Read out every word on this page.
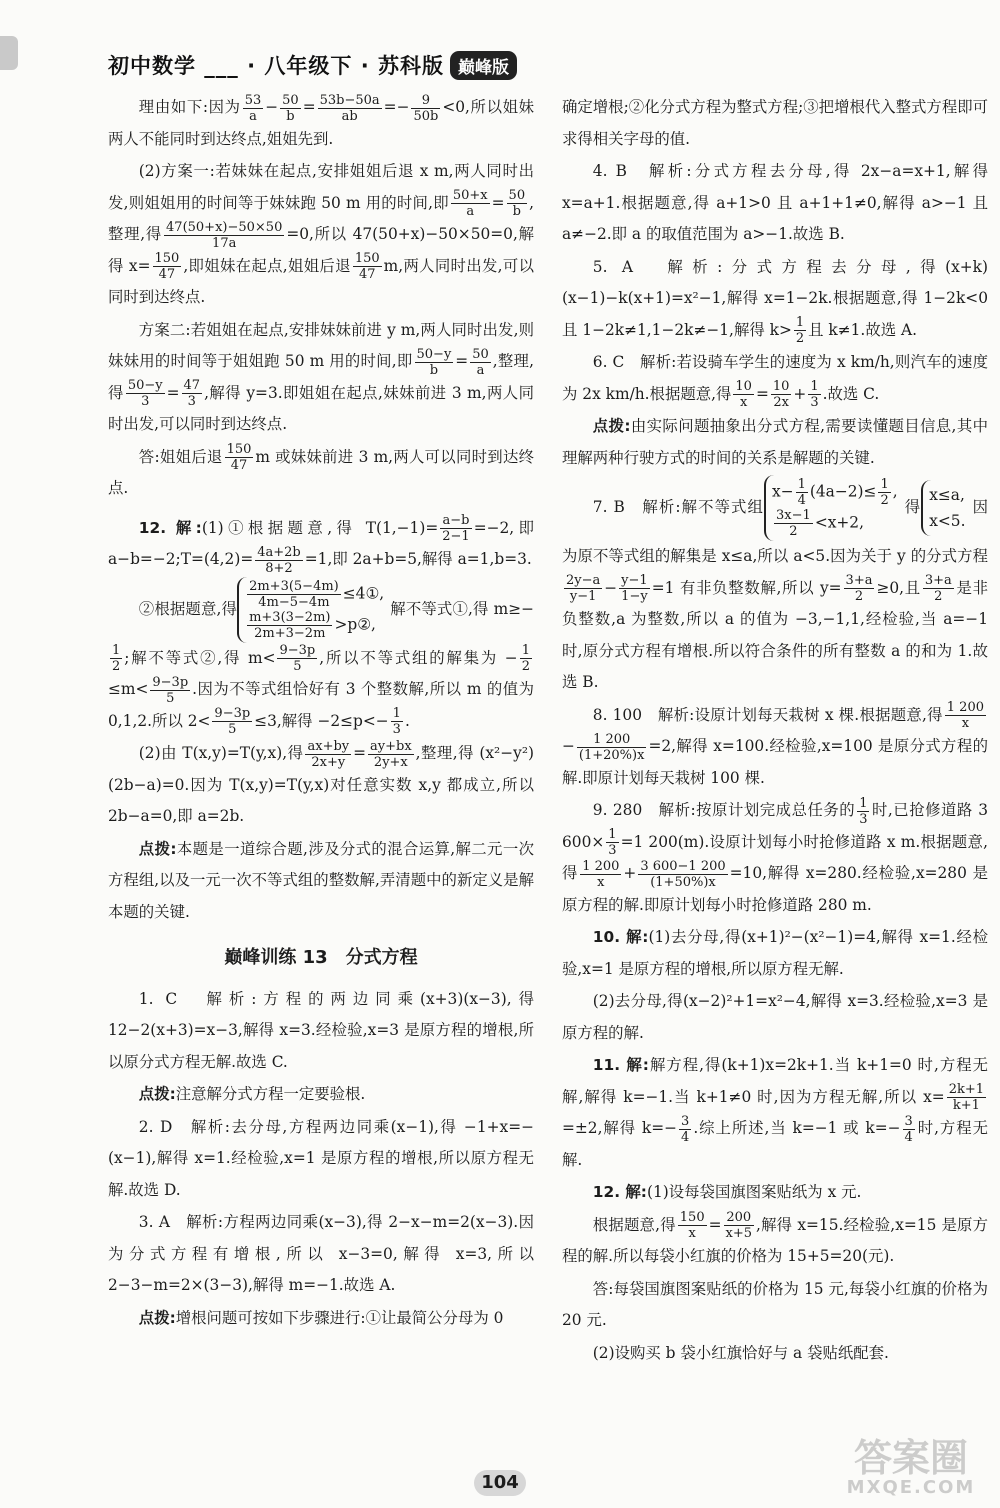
初中数学 ___ · 八年级下 · 苏科版 巅峰版

理由如下:因为 $\frac{53}{a} - \frac{50}{b} = \frac{53b-50a}{ab} =- \frac{9}{50b} <0$,所以姐妹两人不能同时到达终点,姐姐先到.

(2)方案一:若妹妹在起点,安排姐姐后退 x m,两人同时出发,则姐姐用的时间等于妹妹跑 50 m 用的时间,即 $\frac{50+x}{a} = \frac{50}{b}$ ,整理,得 $\frac{47(50+x)-50\times 50}{17a} =0$,所以 47(50+x)−50×50=0,解得 $x= \frac{150}{47}$ ,即姐妹在起点,姐姐后退 $\frac{150}{47} m$,两人同时出发,可以同时到达终点.

方案二:若姐姐在起点,安排妹妹前进 y m,两人同时出发,则妹妹用的时间等于姐姐跑 50 m 用的时间,即 $\frac{50-y}{b} = \frac{50}{a}$ ,整理,得 $\frac{50-y}{3} = \frac{47}{3}$ ,解得 y=3.即姐姐在起点,妹妹前进 3 m,两人同时出发,可以同时到达终点.

答:姐姐后退 $\frac{150}{47}$ m 或妹妹前进 3 m,两人可以同时到达终点.

12. 解:(1)①根据题意,得 $T(1,-1)= \frac{a-b}{2-1} =-2$,即 a−b=−2;T=(4,2)= $\frac{4a+2b}{8+2} =1$,即 2a+b=5,解得 a=1,b=3.

②根据题意,得 $\frac{2m+3(5-4m)}{4m-5-4m}$ ≤4①,
$\frac{m+3(3-2m)}{2m+3-2m}$ >p②,
解不等式①,得 m≥−
$\frac{1}{2}$ ;解不等式②,得 $m< \frac{9-3p}{5}$ ,所以不等式组的解集为 − $\frac{1}{2}$
$\le m< \frac{9-3p}{5}$ .因为不等式组恰好有 3 个整数解,所以 m 的值为 0,1,2.所以 $2< \frac{9-3p}{5} \le 3$,解得 $-2\le p<- \frac{1}{3}$ .

(2)由 T(x,y)=T(y,x),得 $\frac{ax+by}{2x+y} = \frac{ay+bx}{2y+x}$ ,整理,得 (x²−y²)(2b−a)=0.因为 T(x,y)=T(y,x)对任意实数 x,y 都成立,所以 2b−a=0,即 a=2b.

点拨:本题是一道综合题,涉及分式的混合运算,解二元一次方程组,以及一元一次不等式组的整数解,弄清题中的新定义是解本题的关键.

巅峰训练 13　分式方程

1. C　解析:方程的两边同乘(x+3)(x−3),得 12−2(x+3)=x−3,解得 x=3.经检验,x=3 是原方程的增根,所以原分式方程无解.故选 C.

点拨:注意解分式方程一定要验根.

2. D　解析:去分母,方程两边同乘(x−1),得 −1+x=−(x−1),解得 x=1.经检验,x=1 是原方程的增根,所以原方程无解.故选 D.

3. A　解析:方程两边同乘(x−3),得 2−x−m=2(x−3).因为分式方程有增根,所以 x−3=0,解得 x=3,所以 2−3−m=2×(3−3),解得 m=−1.故选 A.

点拨:增根问题可按如下步骤进行:①让最简公分母为 0

确定增根;②化分式方程为整式方程;③把增根代入整式方程即可求得相关字母的值.

4. B　解析:分式方程去分母,得 2x−a=x+1,解得 x=a+1.根据题意,得 a+1>0 且 a+1+1≠0,解得 a>−1 且 a≠−2.即 a 的取值范围为 a>−1.故选 B.

5. A　解析:分式方程去分母,得(x+k)(x−1)−k(x+1)=x²−1,解得 x=1−2k.根据题意,得 1−2k<0 且 1−2k≠1,1−2k≠−1,解得 $k> \frac{1}{2}$ 且 k≠1.故选 A.

6. C　解析:若设骑车学生的速度为 x km/h,则汽车的速度为 2x km/h.根据题意,得 $\frac{10}{x} = \frac{10}{2x} + \frac{1}{3}$ .故选 C.

点拨:由实际问题抽象出分式方程,需要读懂题目信息,其中理解两种行驶方式的时间的关系是解题的关键.

7. B　解析:解不等式组
$x- \frac{1}{4} (4a-2)\le \frac{1}{2}$ ,
$\frac{3x-1}{2} <x+2$,
得
x≤a,
x<5.
因为原不等式组的解集是 x≤a,所以 a<5.因为关于 y 的分式方程
$\frac{2y-a}{y-1} - \frac{y-1}{1-y} =1$ 有非负整数解,所以 $y= \frac{3+a}{2} \ge 0$,且 $\frac{3+a}{2}$ 是非负整数,a 为整数,所以 a 的值为 −3,−1,1,经检验,当 a=−1 时,原分式方程有增根.所以符合条件的所有整数 a 的和为 1.故选 B.

8. 100　解析:设原计划每天栽树 x 棵.根据题意,得 $\frac{1 200}{x}$
− $\frac{1 200}{(1+20\%)x} =2$,解得 x=100.经检验,x=100 是原分式方程的解.即原计划每天栽树 100 棵.

9. 280　解析:按原计划完成总任务的 $\frac{1}{3}$ 时,已抢修道路 3 $600\times \frac{1}{3} =1$ 200(m).设原计划每小时抢修道路 x m.根据题意,得 $\frac{1 200}{x} + \frac{3 600-1 200}{(1+50\%)x} =10$,解得 x=280.经检验,x=280 是原方程的解.即原计划每小时抢修道路 280 m.

10. 解:(1)去分母,得(x+1)²−(x²−1)=4,解得 x=1.经检验,x=1 是原方程的增根,所以原方程无解.

(2)去分母,得(x−2)²+1=x²−4,解得 x=3.经检验,x=3 是原方程的解.

11. 解:解方程,得(k+1)x=2k+1.当 k+1=0 时,方程无解,解得 k=−1.当 k+1≠0 时,因为方程无解,所以 $x= \frac{2k+1}{k+1}$
=±2,解得 $k=- \frac{3}{4}$ .综上所述,当 k=−1 或 $k=- \frac{3}{4}$ 时,方程无解.

12. 解:(1)设每袋国旗图案贴纸为 x 元.

根据题意,得 $\frac{150}{x} = \frac{200}{x+5}$ ,解得 x=15.经检验,x=15 是原方程的解.所以每袋小红旗的价格为 15+5=20(元).

答:每袋国旗图案贴纸的价格为 15 元,每袋小红旗的价格为 20 元.

(2)设购买 b 袋小红旗恰好与 a 袋贴纸配套.

104
答案圈
MXQE.COM
